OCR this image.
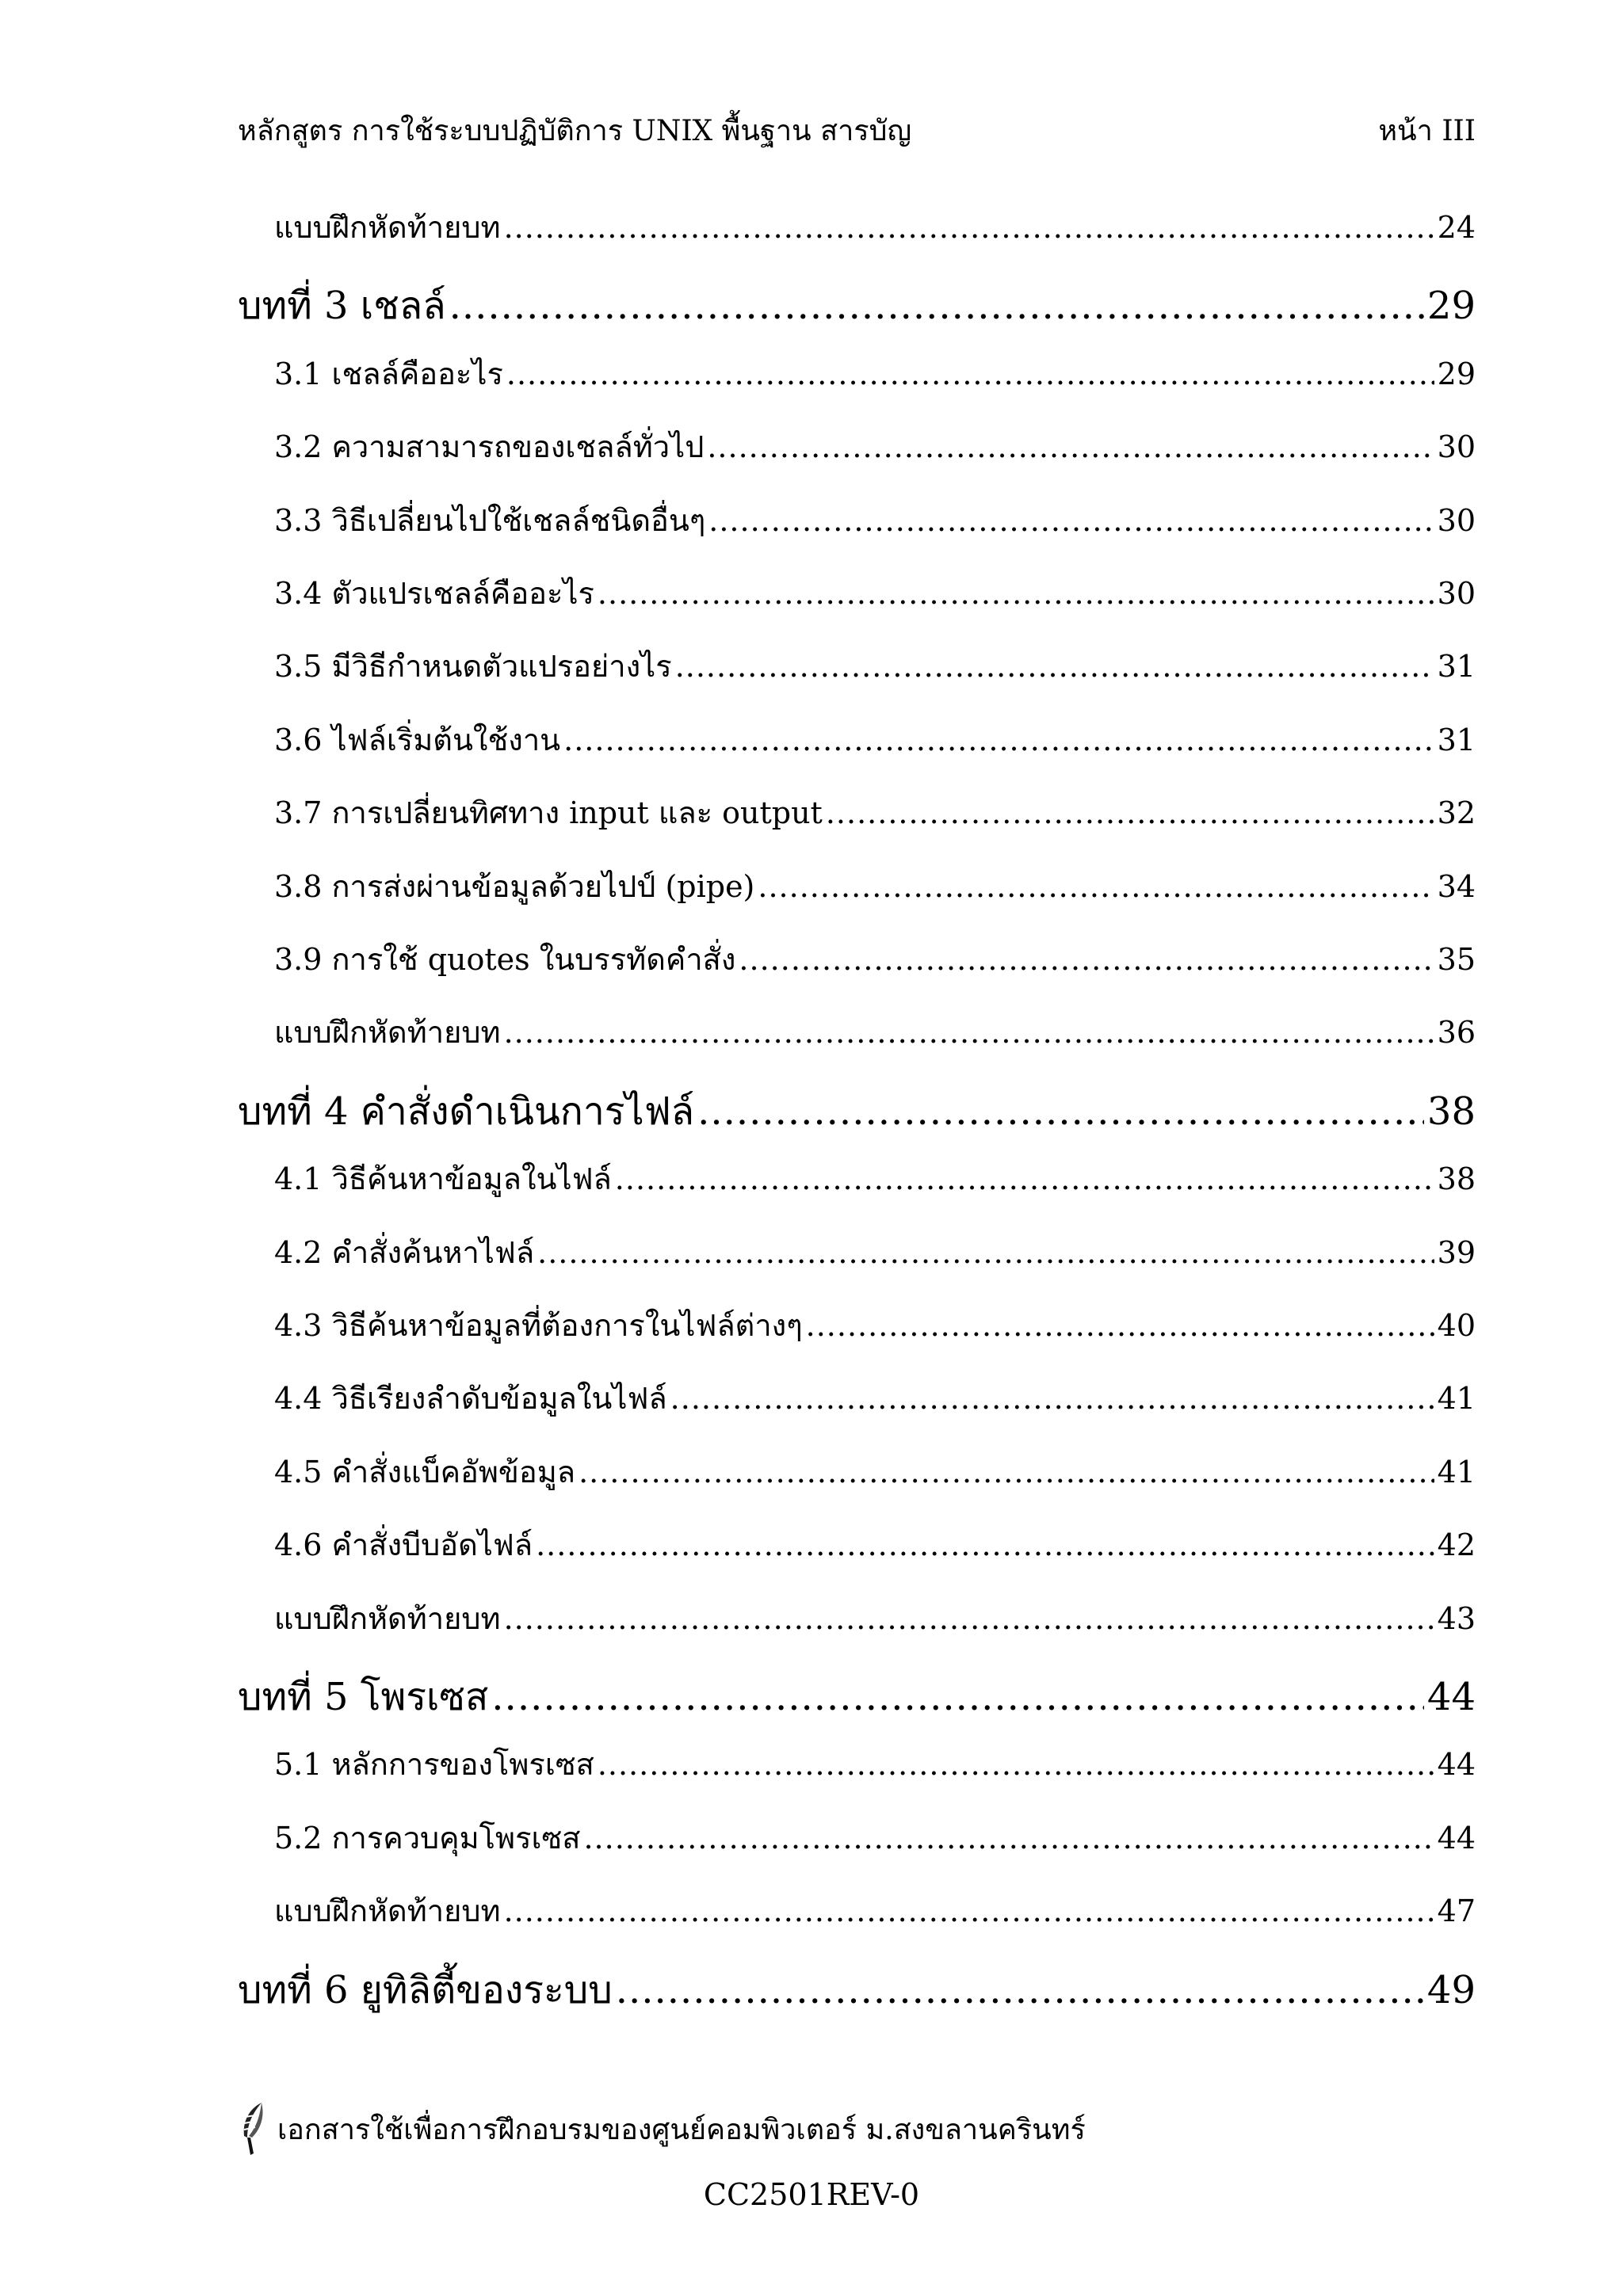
หลักสูตร การใช้ระบบปฏิบัติการ UNIX พื้นฐาน สารบัญ	หน้า III
แบบฝึกหัดท้ายบท .....	24
บทที่ 3 เชลล์ .....	29
3.1 เชลล์คืออะไร .....	29
3.2 ความสามารถของเชลล์ทั่วไป .....	30
3.3 วิธีเปลี่ยนไปใช้เชลล์ชนิดอื่นๆ .....	30
3.4 ตัวแปรเชลล์คืออะไร .....	30
3.5 มีวิธีกำหนดตัวแปรอย่างไร .....	31
3.6 ไฟล์เริ่มต้นใช้งาน .....	31
3.7 การเปลี่ยนทิศทาง input และ output .....	32
3.8 การส่งผ่านข้อมูลด้วยไปป์ (pipe) .....	34
3.9 การใช้ quotes ในบรรทัดคำสั่ง .....	35
แบบฝึกหัดท้ายบท .....	36
บทที่ 4 คำสั่งดำเนินการไฟล์ .....	38
4.1 วิธีค้นหาข้อมูลในไฟล์ .....	38
4.2 คำสั่งค้นหาไฟล์ .....	39
4.3 วิธีค้นหาข้อมูลที่ต้องการในไฟล์ต่างๆ .....	40
4.4 วิธีเรียงลำดับข้อมูลในไฟล์ .....	41
4.5 คำสั่งแบ็คอัพข้อมูล .....	41
4.6 คำสั่งบีบอัดไฟล์ .....	42
แบบฝึกหัดท้ายบท .....	43
บทที่ 5 โพรเซส .....	44
5.1 หลักการของโพรเซส .....	44
5.2 การควบคุมโพรเซส .....	44
แบบฝึกหัดท้ายบท .....	47
บทที่ 6 ยูทิลิตี้ของระบบ .....	49
เอกสารใช้เพื่อการฝึกอบรมของศูนย์คอมพิวเตอร์ ม.สงขลานครินทร์
CC2501REV-0
